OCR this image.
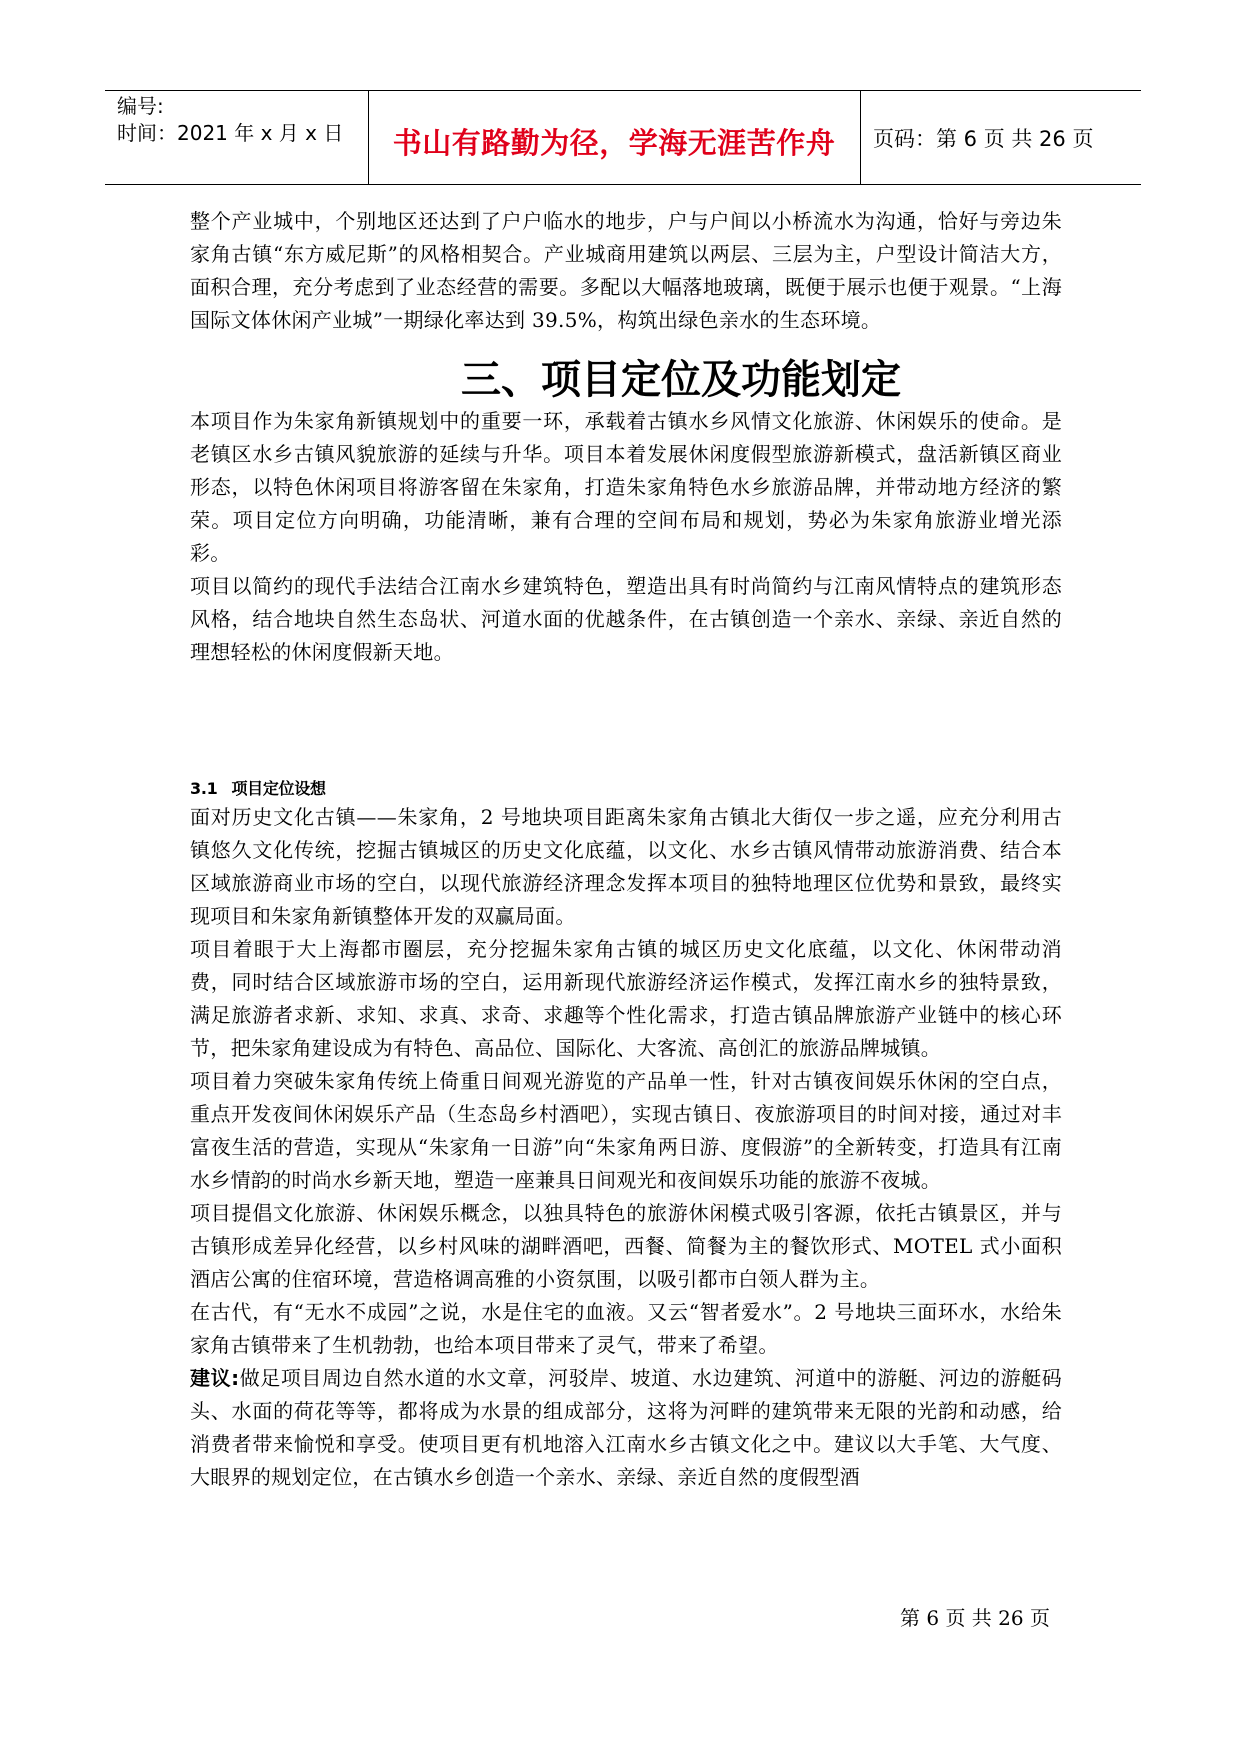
编号:
时间：2021 年 x 月 x 日	书山有路勤为径，学海无涯苦作舟	页码：第 6 页 共 26 页

整个产业城中，个别地区还达到了户户临水的地步，户与户间以小桥流水为沟通，恰好与旁边朱家角古镇“东方威尼斯”的风格相契合。产业城商用建筑以两层、三层为主，户型设计简洁大方，面积合理，充分考虑到了业态经营的需要。多配以大幅落地玻璃，既便于展示也便于观景。“上海国际文体休闲产业城”一期绿化率达到 39.5%，构筑出绿色亲水的生态环境。

三、项目定位及功能划定

本项目作为朱家角新镇规划中的重要一环，承载着古镇水乡风情文化旅游、休闲娱乐的使命。是老镇区水乡古镇风貌旅游的延续与升华。项目本着发展休闲度假型旅游新模式，盘活新镇区商业形态，以特色休闲项目将游客留在朱家角，打造朱家角特色水乡旅游品牌，并带动地方经济的繁荣。项目定位方向明确，功能清晰，兼有合理的空间布局和规划，势必为朱家角旅游业增光添彩。

项目以简约的现代手法结合江南水乡建筑特色，塑造出具有时尚简约与江南风情特点的建筑形态风格，结合地块自然生态岛状、河道水面的优越条件，在古镇创造一个亲水、亲绿、亲近自然的理想轻松的休闲度假新天地。

3.1 项目定位设想

面对历史文化古镇——朱家角，2 号地块项目距离朱家角古镇北大街仅一步之遥，应充分利用古镇悠久文化传统，挖掘古镇城区的历史文化底蕴，以文化、水乡古镇风情带动旅游消费、结合本区域旅游商业市场的空白，以现代旅游经济理念发挥本项目的独特地理区位优势和景致，最终实现项目和朱家角新镇整体开发的双赢局面。

项目着眼于大上海都市圈层，充分挖掘朱家角古镇的城区历史文化底蕴，以文化、休闲带动消费，同时结合区域旅游市场的空白，运用新现代旅游经济运作模式，发挥江南水乡的独特景致，满足旅游者求新、求知、求真、求奇、求趣等个性化需求，打造古镇品牌旅游产业链中的核心环节，把朱家角建设成为有特色、高品位、国际化、大客流、高创汇的旅游品牌城镇。

项目着力突破朱家角传统上倚重日间观光游览的产品单一性，针对古镇夜间娱乐休闲的空白点，重点开发夜间休闲娱乐产品（生态岛乡村酒吧），实现古镇日、夜旅游项目的时间对接，通过对丰富夜生活的营造，实现从“朱家角一日游”向“朱家角两日游、度假游”的全新转变，打造具有江南水乡情韵的时尚水乡新天地，塑造一座兼具日间观光和夜间娱乐功能的旅游不夜城。

项目提倡文化旅游、休闲娱乐概念，以独具特色的旅游休闲模式吸引客源，依托古镇景区，并与古镇形成差异化经营，以乡村风味的湖畔酒吧，西餐、简餐为主的餐饮形式、MOTEL 式小面积酒店公寓的住宿环境，营造格调高雅的小资氛围，以吸引都市白领人群为主。

在古代，有“无水不成园”之说，水是住宅的血液。又云“智者爱水”。2 号地块三面环水，水给朱家角古镇带来了生机勃勃，也给本项目带来了灵气，带来了希望。

建议:做足项目周边自然水道的水文章，河驳岸、坡道、水边建筑、河道中的游艇、河边的游艇码头、水面的荷花等等，都将成为水景的组成部分，这将为河畔的建筑带来无限的光韵和动感，给消费者带来愉悦和享受。使项目更有机地溶入江南水乡古镇文化之中。建议以大手笔、大气度、大眼界的规划定位，在古镇水乡创造一个亲水、亲绿、亲近自然的度假型酒

第 6 页 共 26 页
